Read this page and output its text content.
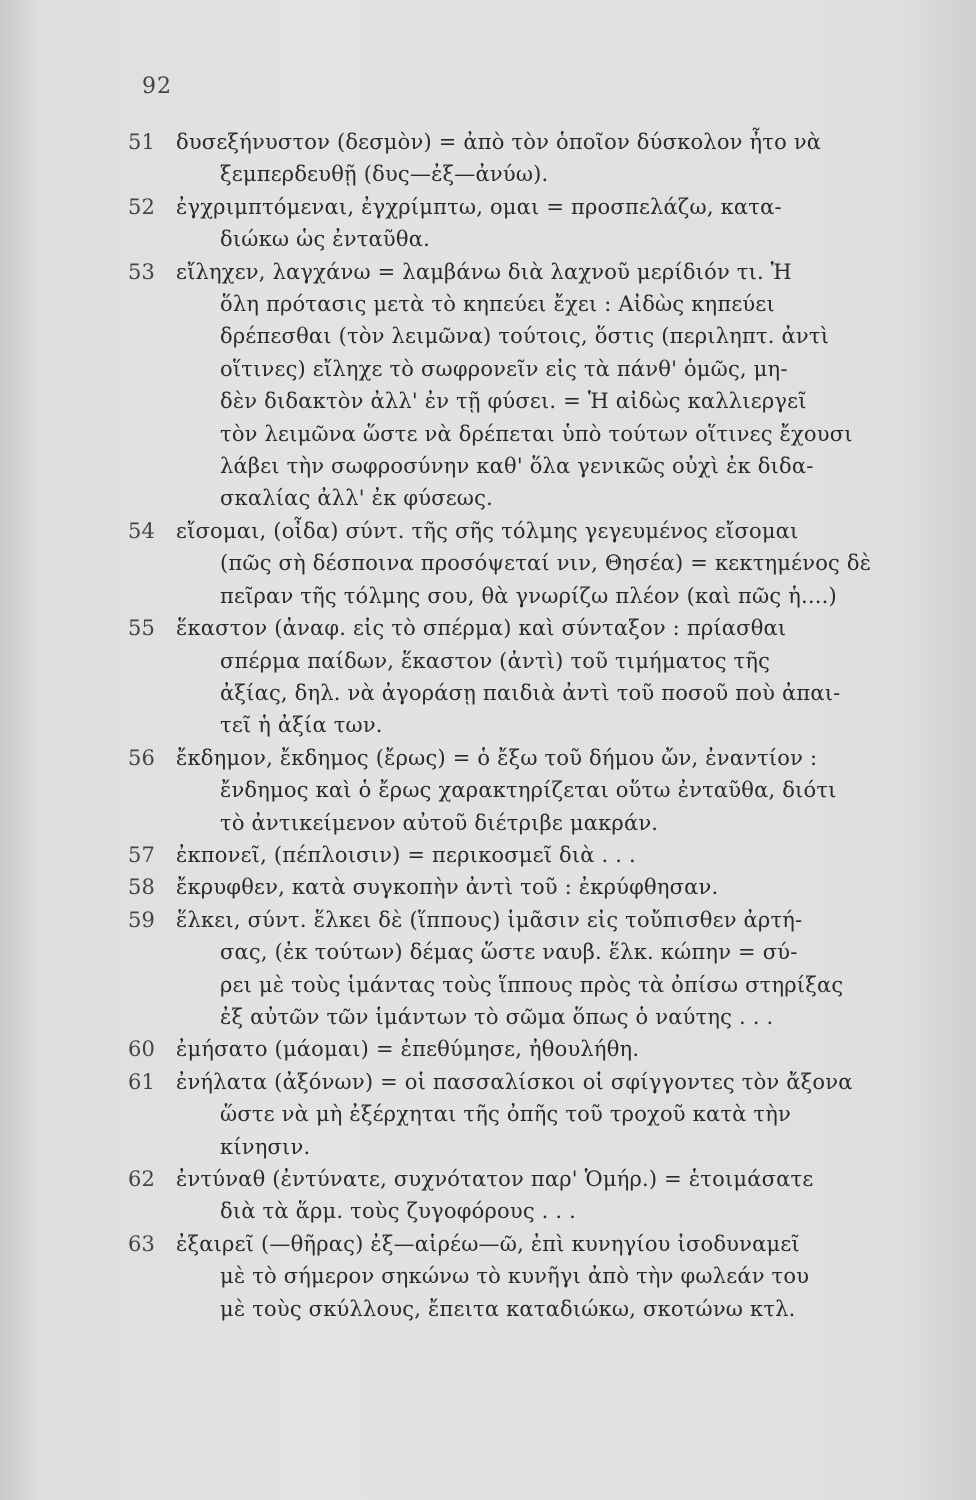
92
51 δυσεξήνυστον (δεσμὸν) = ἀπὸ τὸν ὁποῖον δύσκολον ἦτο νὰ
ξεμπερδευθῇ (δυς—ἐξ—ἀνύω).
52 ἐγχριμπτόμεναι, ἐγχρίμπτω, ομαι = προσπελάζω, κατα-
διώκω ὡς ἐνταῦθα.
53 εἴληχεν, λαγχάνω = λαμβάνω διὰ λαχνοῦ μερίδιόν τι. Ἡ
ὅλη πρότασις μετὰ τὸ κηπεύει ἔχει : Αἰδὼς κηπεύει
δρέπεσθαι (τὸν λειμῶνα) τούτοις, ὅστις (περιληπτ. ἀντὶ
οἵτινες) εἴληχε τὸ σωφρονεῖν εἰς τὰ πάνθ' ὁμῶς, μη-
δὲν διδακτὸν ἀλλ' ἐν τῇ φύσει. = Ἡ αἰδὼς καλλιεργεῖ
τὸν λειμῶνα ὥστε νὰ δρέπεται ὑπὸ τούτων οἵτινες ἔχουσι
λάβει τὴν σωφροσύνην καθ' ὅλα γενικῶς οὐχὶ ἐκ διδα-
σκαλίας ἀλλ' ἐκ φύσεως.
54 εἴσομαι, (οἶδα) σύντ. τῆς σῆς τόλμης γεγευμένος εἴσομαι
(πῶς σὴ δέσποινα προσόψεταί νιν, Θησέα) = κεκτημένος δὲ
πεῖραν τῆς τόλμης σου, θὰ γνωρίζω πλέον (καὶ πῶς ἡ....)
55 ἕκαστον (ἀναφ. εἰς τὸ σπέρμα) καὶ σύνταξον : πρίασθαι
σπέρμα παίδων, ἕκαστον (ἀντὶ) τοῦ τιμήματος τῆς
ἀξίας, δηλ. νὰ ἀγοράσῃ παιδιὰ ἀντὶ τοῦ ποσοῦ ποὺ ἀπαι-
τεῖ ἡ ἀξία των.
56 ἔκδημον, ἔκδημος (ἔρως) = ὁ ἔξω τοῦ δήμου ὤν, ἐναντίον :
ἔνδημος καὶ ὁ ἔρως χαρακτηρίζεται οὕτω ἐνταῦθα, διότι
τὸ ἀντικείμενον αὐτοῦ διέτριβε μακράν.
57 ἐκπονεῖ, (πέπλοισιν) = περικοσμεῖ διὰ . . .
58 ἔκρυφθεν, κατὰ συγκοπὴν ἀντὶ τοῦ : ἐκρύφθησαν.
59 ἕλκει, σύντ. ἕλκει δὲ (ἵππους) ἱμᾶσιν εἰς τοὔπισθεν ἀρτή-
σας, (ἐκ τούτων) δέμας ὥστε ναυβ. ἕλκ. κώπην = σύ-
ρει μὲ τοὺς ἱμάντας τοὺς ἵππους πρὸς τὰ ὀπίσω στηρίξας
ἐξ αὐτῶν τῶν ἱμάντων τὸ σῶμα ὅπως ὁ ναύτης . . .
60 ἐμήσατο (μάομαι) = ἐπεθύμησε, ἠθουλήθη.
61 ἐνήλατα (ἀξόνων) = οἱ πασσαλίσκοι οἱ σφίγγοντες τὸν ἄξονα
ὥστε νὰ μὴ ἐξέρχηται τῆς ὀπῆς τοῦ τροχοῦ κατὰ τὴν
κίνησιν.
62 ἐντύναθ (ἐντύνατε, συχνότατον παρ' Ὁμήρ.) = ἑτοιμάσατε
διὰ τὰ ἅρμ. τοὺς ζυγοφόρους . . .
63 ἐξαιρεῖ (—θῆρας) ἐξ—αἱρέω—ῶ, ἐπὶ κυνηγίου ἰσοδυναμεῖ
μὲ τὸ σήμερον σηκώνω τὸ κυνῆγι ἀπὸ τὴν φωλεάν του
μὲ τοὺς σκύλλους, ἔπειτα καταδιώκω, σκοτώνω κτλ.
